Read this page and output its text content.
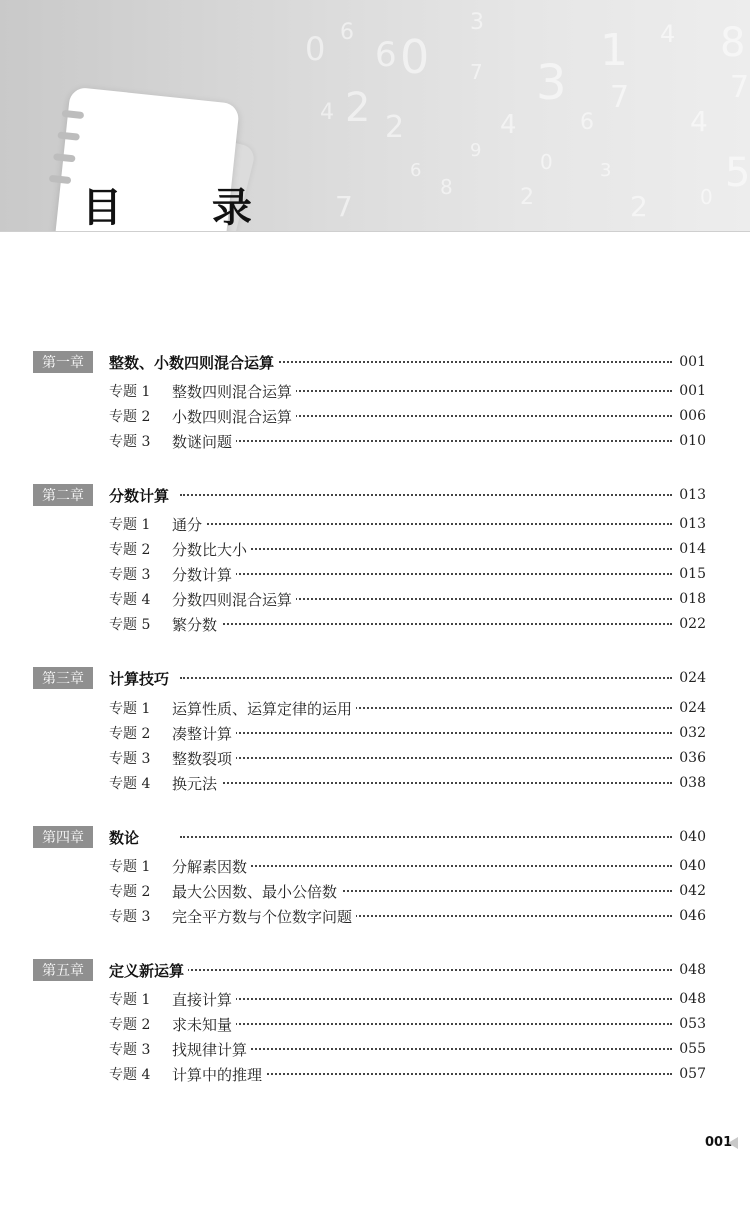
0 6
6 0
3
3
1
7
4 8
7
2
4 2
7
4
0
6	4
5
7
8	2	2	0
6
9
3
目 录
第一章	整数、小数四则混合运算	001
专题 1 整数四则混合运算	001
专题 2 小数四则混合运算	006
专题 3 数谜问题	010
第二章	分数计算	013
专题 1 通分	013
专题 2 分数比大小	014
专题 3 分数计算	015
专题 4 分数四则混合运算	018
专题 5 繁分数	022
第三章	计算技巧	024
专题 1 运算性质、运算定律的运用	024
专题 2 凑整计算	032
专题 3 整数裂项	036
专题 4 换元法	038
第四章	数论	040
专题 1 分解素因数	040
专题 2 最大公因数、最小公倍数	042
专题 3 完全平方数与个位数字问题	046
第五章	定义新运算	048
专题 1 直接计算	048
专题 2 求未知量	053
专题 3 找规律计算	055
专题 4 计算中的推理	057
001
